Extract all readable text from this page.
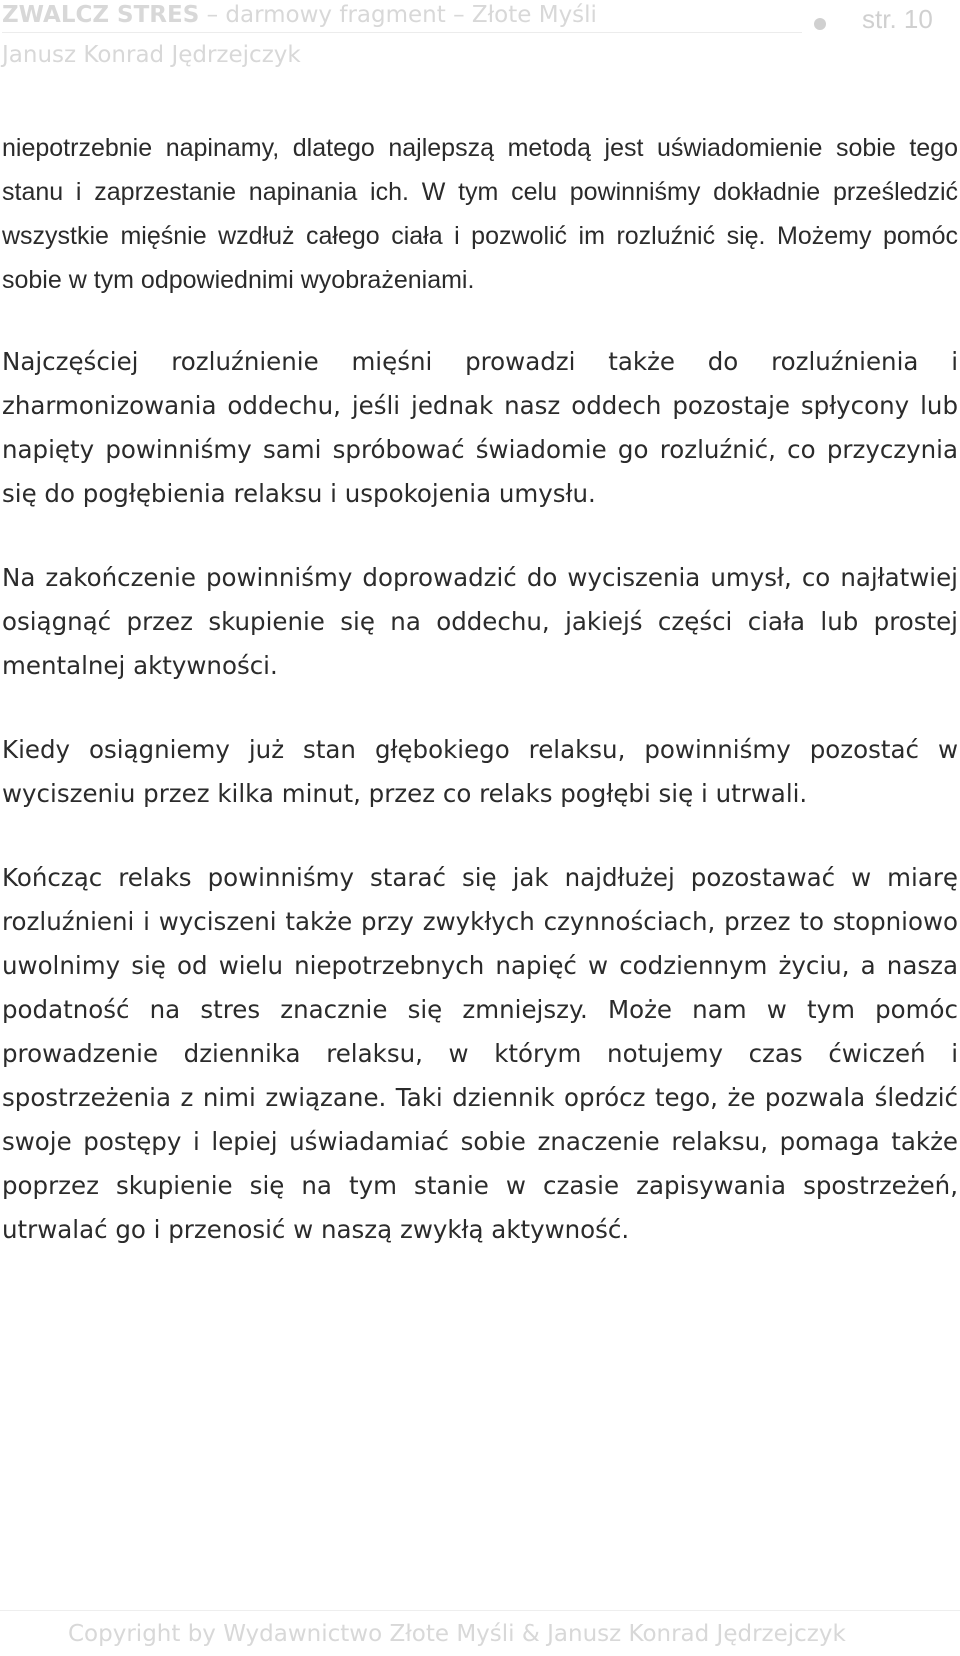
ZWALCZ STRES – darmowy fragment – Złote Myśli	str. 10
Janusz Konrad Jędrzejczyk

niepotrzebnie napinamy, dlatego najlepszą metodą jest uświadomienie sobie tego stanu i zaprzestanie napinania ich. W tym celu powinniśmy dokładnie prześledzić wszystkie mięśnie wzdłuż całego ciała i pozwolić im rozluźnić się. Możemy pomóc sobie w tym odpowiednimi wyobrażeniami.

Najczęściej rozluźnienie mięśni prowadzi także do rozluźnienia i zharmonizowania oddechu, jeśli jednak nasz oddech pozostaje spłycony lub napięty powinniśmy sami spróbować świadomie go rozluźnić, co przyczynia się do pogłębienia relaksu i uspokojenia umysłu.

Na zakończenie powinniśmy doprowadzić do wyciszenia umysł, co najłatwiej osiągnąć przez skupienie się na oddechu, jakiejś części ciała lub prostej mentalnej aktywności.

Kiedy osiągniemy już stan głębokiego relaksu, powinniśmy pozostać w wyciszeniu przez kilka minut, przez co relaks pogłębi się i utrwali.

Kończąc relaks powinniśmy starać się jak najdłużej pozostawać w miarę rozluźnieni i wyciszeni także przy zwykłych czynnościach, przez to stopniowo uwolnimy się od wielu niepotrzebnych napięć w codziennym życiu, a nasza podatność na stres znacznie się zmniejszy. Może nam w tym pomóc prowadzenie dziennika relaksu, w którym notujemy czas ćwiczeń i spostrzeżenia z nimi związane. Taki dziennik oprócz tego, że pozwala śledzić swoje postępy i lepiej uświadamiać sobie znaczenie relaksu, pomaga także poprzez skupienie się na tym stanie w czasie zapisywania spostrzeżeń, utrwalać go i przenosić w naszą zwykłą aktywność.

Copyright by Wydawnictwo Złote Myśli & Janusz Konrad Jędrzejczyk
